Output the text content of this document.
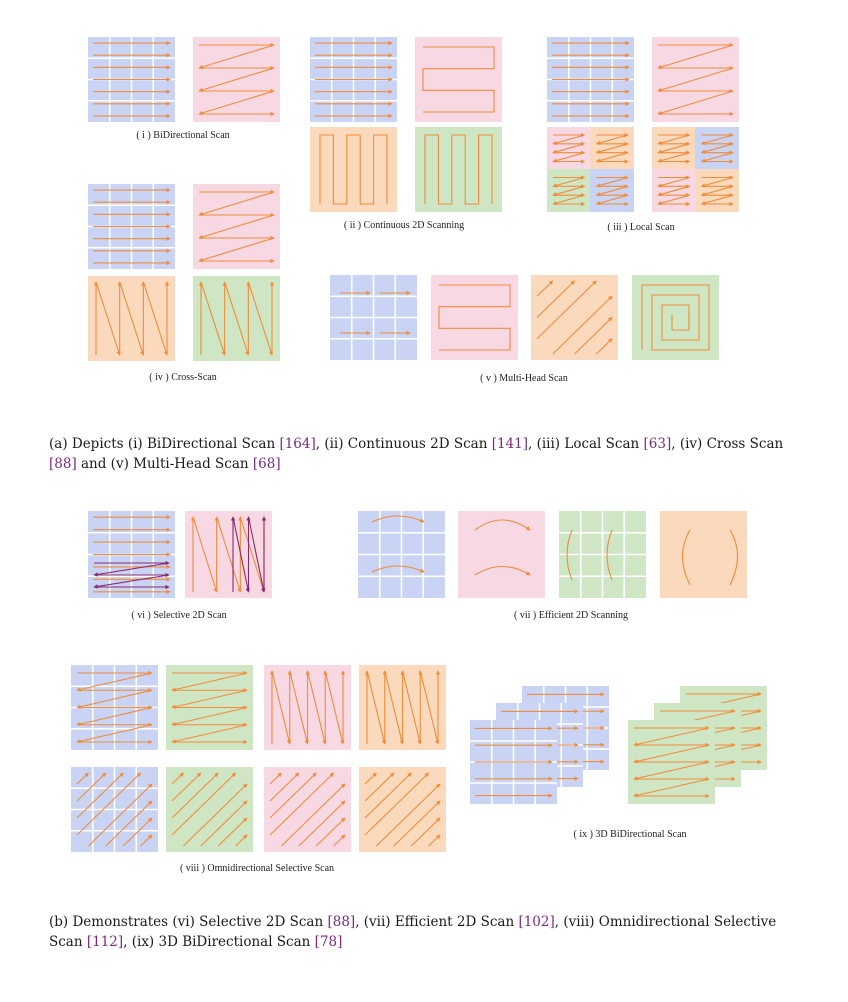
( i ) BiDirectional Scan
( ii ) Continuous 2D Scanning	( iii ) Local Scan
( iv ) Cross-Scan	( v ) Multi-Head Scan
( vi ) Selective 2D Scan	( vii ) Efficient 2D Scanning
( viii ) Omnidirectional Selective Scan
( ix ) 3D BiDirectional Scan
(a) Depicts (i) BiDirectional Scan [164], (ii) Continuous 2D Scan [141], (iii) Local Scan [63], (iv) Cross Scan [88] and (v) Multi-Head Scan [68]
(b) Demonstrates (vi) Selective 2D Scan [88], (vii) Efficient 2D Scan [102], (viii) Omnidirectional Selective Scan [112], (ix) 3D BiDirectional Scan [78]
